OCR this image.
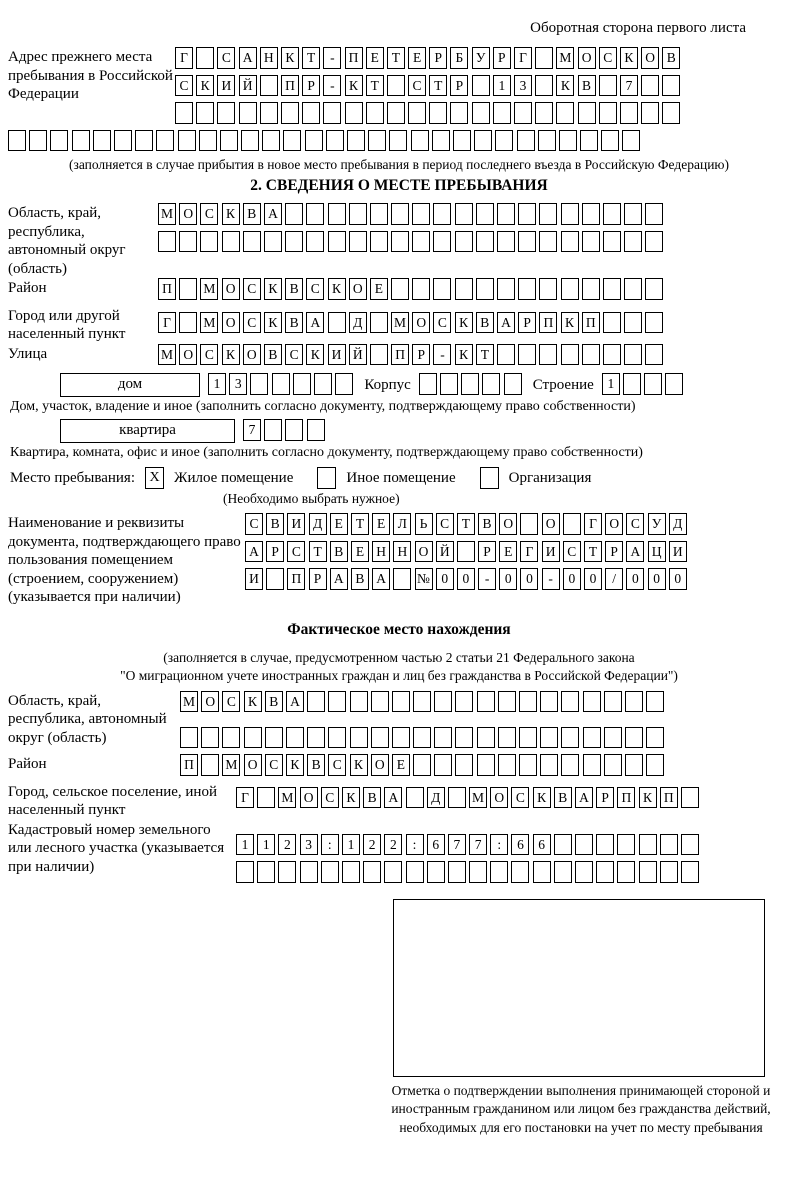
Оборотная сторона первого листа
Адрес прежнего места пребывания в Российской Федерации
Г	С А Н К Т - П Е Т Е Р Б У Р Г М О С К О В
С К И Й П Р - К Т С Т Р	1 3	К В	7
(заполняется в случае прибытия в новое место пребывания в период последнего въезда в Российскую Федерацию)
2. СВЕДЕНИЯ О МЕСТЕ ПРЕБЫВАНИЯ
Область, край, республика, автономный округ (область)
М О С К В А
Район	П М О С К В С К О Е
Город или другой населенный пункт
Г М О С К В А Д М О С К В А Р П К П
Улица	М О С К О В С К И Й П Р - К Т
дом	1 3	Корпус	Строение	1
Дом, участок, владение и иное (заполнить согласно документу, подтверждающему право собственности)
квартира	7
Квартира, комната, офис и иное (заполнить согласно документу, подтверждающему право собственности)
Место пребывания:	X Жилое помещение	Иное помещение	Организация
(Необходимо выбрать нужное)
Наименование и реквизиты документа, подтверждающего право пользования помещением (строением, сооружением) (указывается при наличии)
С В И Д Е Т Е Л Ь С Т В О О Г О С У Д
А Р С Т В Е Н Н О Й Р Е Г И С Т Р А Ц И
И П Р А В А № 0 0 - 0 0 - 0 0 / 0 0 0
Фактическое место нахождения
(заполняется в случае, предусмотренном частью 2 статьи 21 Федерального закона
"О миграционном учете иностранных граждан и лиц без гражданства в Российской Федерации")
Область, край, республика, автономный округ (область)
М О С К В А
Район	П М О С К В С К О Е
Город, сельское поселение, иной населенный пункт
Г М О С К В А Д М О С К В А Р П К П
Кадастровый номер земельного или лесного участка (указывается при наличии)
1 1 2 3 : 1 2 2 : 6 7 7 : 6 6
Отметка о подтверждении выполнения принимающей стороной и иностранным гражданином или лицом без гражданства действий, необходимых для его постановки на учет по месту пребывания
